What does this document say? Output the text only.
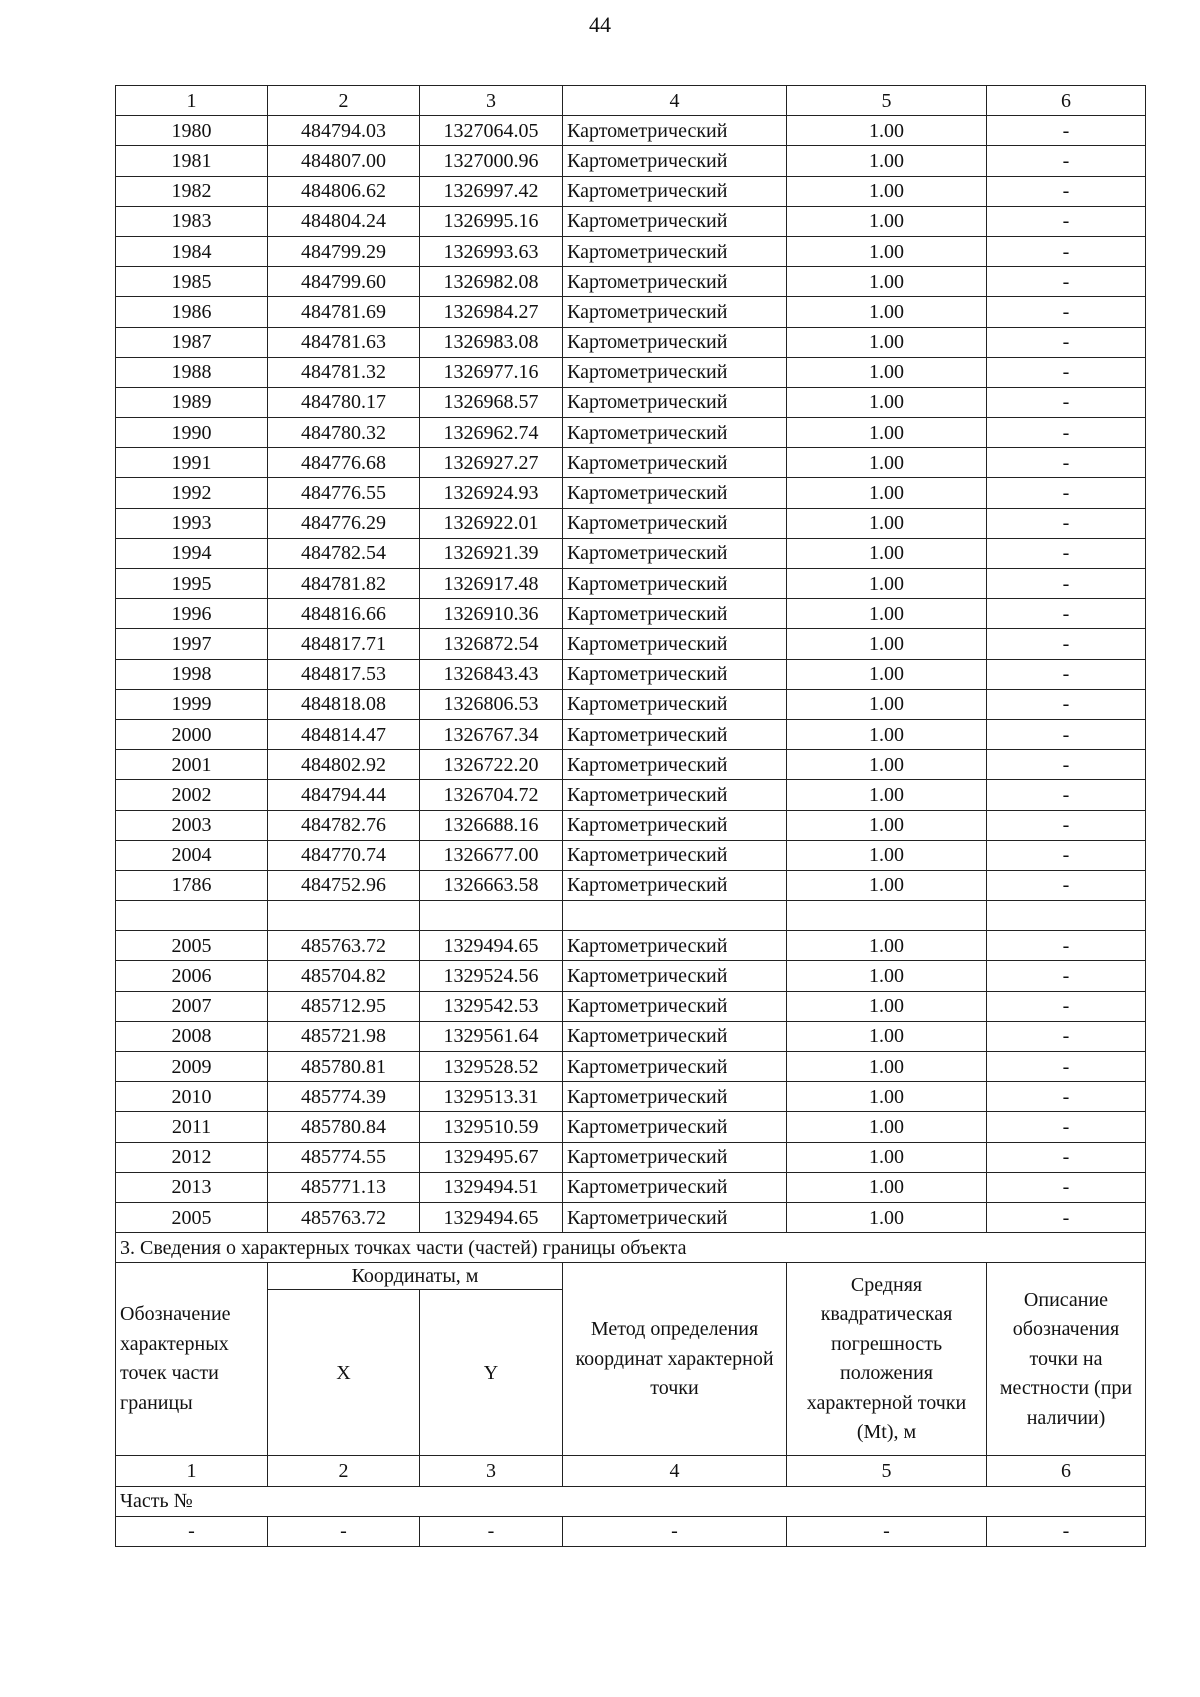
44
1	2	3	4	5	6
1980	484794.03	1327064.05	Картометрический	1.00	-
1981	484807.00	1327000.96	Картометрический	1.00	-
1982	484806.62	1326997.42	Картометрический	1.00	-
1983	484804.24	1326995.16	Картометрический	1.00	-
1984	484799.29	1326993.63	Картометрический	1.00	-
1985	484799.60	1326982.08	Картометрический	1.00	-
1986	484781.69	1326984.27	Картометрический	1.00	-
1987	484781.63	1326983.08	Картометрический	1.00	-
1988	484781.32	1326977.16	Картометрический	1.00	-
1989	484780.17	1326968.57	Картометрический	1.00	-
1990	484780.32	1326962.74	Картометрический	1.00	-
1991	484776.68	1326927.27	Картометрический	1.00	-
1992	484776.55	1326924.93	Картометрический	1.00	-
1993	484776.29	1326922.01	Картометрический	1.00	-
1994	484782.54	1326921.39	Картометрический	1.00	-
1995	484781.82	1326917.48	Картометрический	1.00	-
1996	484816.66	1326910.36	Картометрический	1.00	-
1997	484817.71	1326872.54	Картометрический	1.00	-
1998	484817.53	1326843.43	Картометрический	1.00	-
1999	484818.08	1326806.53	Картометрический	1.00	-
2000	484814.47	1326767.34	Картометрический	1.00	-
2001	484802.92	1326722.20	Картометрический	1.00	-
2002	484794.44	1326704.72	Картометрический	1.00	-
2003	484782.76	1326688.16	Картометрический	1.00	-
2004	484770.74	1326677.00	Картометрический	1.00	-
1786	484752.96	1326663.58	Картометрический	1.00	-

2005	485763.72	1329494.65	Картометрический	1.00	-
2006	485704.82	1329524.56	Картометрический	1.00	-
2007	485712.95	1329542.53	Картометрический	1.00	-
2008	485721.98	1329561.64	Картометрический	1.00	-
2009	485780.81	1329528.52	Картометрический	1.00	-
2010	485774.39	1329513.31	Картометрический	1.00	-
2011	485780.84	1329510.59	Картометрический	1.00	-
2012	485774.55	1329495.67	Картометрический	1.00	-
2013	485771.13	1329494.51	Картометрический	1.00	-
2005	485763.72	1329494.65	Картометрический	1.00	-
3. Сведения о характерных точках части (частей) границы объекта					
Обозначение характерных точек части границы	Координаты, м		Метод определения координат характерной точки	Средняя квадратическая погрешность положения характерной точки (Mt), м	Описание обозначения точки на местности (при наличии)
	X	Y			
1	2	3	4	5	6
Часть №					
-	-	-	-	-	-
